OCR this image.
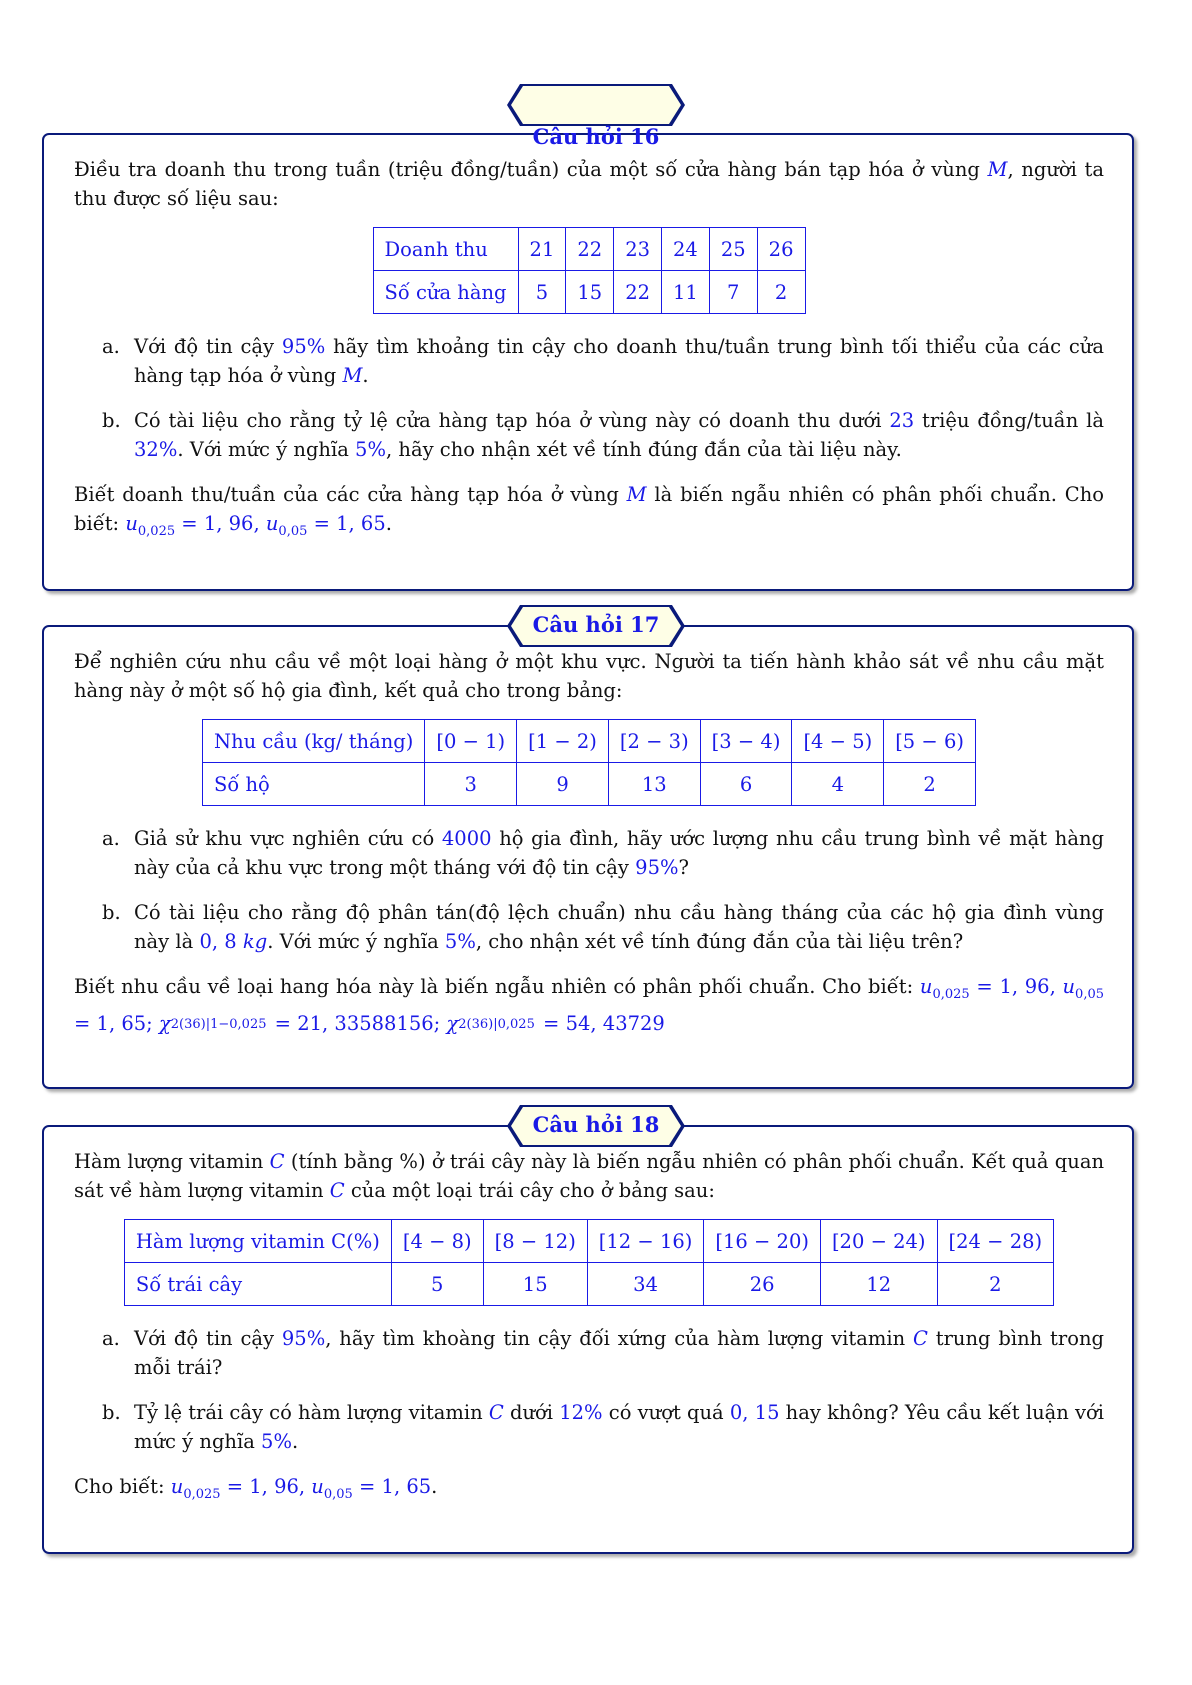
Điều tra doanh thu trong tuần (triệu đồng/tuần) của một số cửa hàng bán tạp hóa ở vùng M, người ta thu được số liệu sau:

Doanh thu	21	22	23	24	25	26
Số cửa hàng	5	15	22	11	7	2

a. Với độ tin cậy 95% hãy tìm khoảng tin cậy cho doanh thu/tuần trung bình tối thiểu của các cửa hàng tạp hóa ở vùng M.

b. Có tài liệu cho rằng tỷ lệ cửa hàng tạp hóa ở vùng này có doanh thu dưới 23 triệu đồng/tuần là 32%. Với mức ý nghĩa 5%, hãy cho nhận xét về tính đúng đắn của tài liệu này.

Biết doanh thu/tuần của các cửa hàng tạp hóa ở vùng M là biến ngẫu nhiên có phân phối chuẩn. Cho biết: $u_{0,025} = 1$, 96, $u_{0,05} = 1$, 65.

Câu hỏi 16

Để nghiên cứu nhu cầu về một loại hàng ở một khu vực. Người ta tiến hành khảo sát về nhu cầu mặt hàng này ở một số hộ gia đình, kết quả cho trong bảng:

Nhu cầu (kg/ tháng)	[0 − 1)	[1 − 2)	[2 − 3)	[3 − 4)	[4 − 5)	[5 − 6)
Số hộ	3	9	13	6	4	2

a. Giả sử khu vực nghiên cứu có 4000 hộ gia đình, hãy ước lượng nhu cầu trung bình về mặt hàng này của cả khu vực trong một tháng với độ tin cậy 95%?

b. Có tài liệu cho rằng độ phân tán(độ lệch chuẩn) nhu cầu hàng tháng của các hộ gia đình vùng này là 0, 8 kg. Với mức ý nghĩa 5%, cho nhận xét về tính đúng đắn của tài liệu trên?

Biết nhu cầu về loại hang hóa này là biến ngẫu nhiên có phân phối chuẩn. Cho biết: $u_{0,025} = 1$, 96, $u_{0,05} = 1$, 65; χ2(36)|1−0,025 = 21, 33588156; χ2(36)|0,025 = 54, 43729

Câu hỏi 17

Hàm lượng vitamin C (tính bằng %) ở trái cây này là biến ngẫu nhiên có phân phối chuẩn. Kết quả quan sát về hàm lượng vitamin C của một loại trái cây cho ở bảng sau:

Hàm lượng vitamin C(%)	[4 − 8)	[8 − 12)	[12 − 16)	[16 − 20)	[20 − 24)	[24 − 28)
Số trái cây	5	15	34	26	12	2

a. Với độ tin cậy 95%, hãy tìm khoàng tin cậy đối xứng của hàm lượng vitamin C trung bình trong mỗi trái?

b. Tỷ lệ trái cây có hàm lượng vitamin C dưới 12% có vượt quá 0, 15 hay không? Yêu cầu kết luận với mức ý nghĩa 5%.

Cho biết: $u_{0,025} = 1$, 96, $u_{0,05} = 1$, 65.

Câu hỏi 18
